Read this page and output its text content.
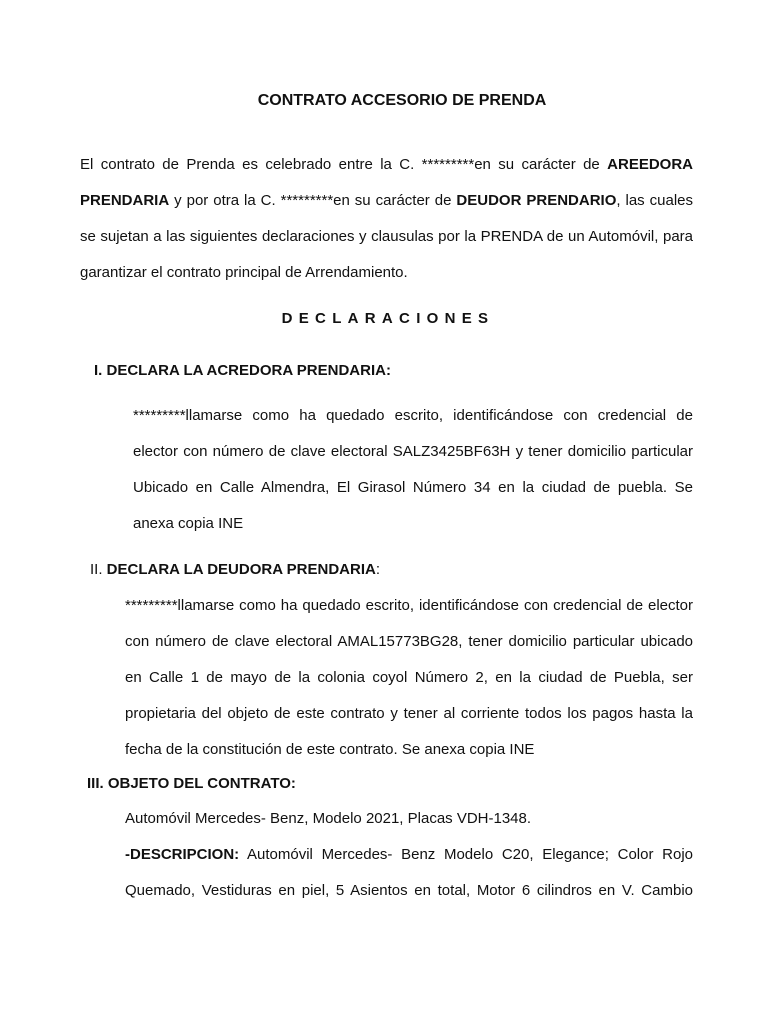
CONTRATO ACCESORIO DE PRENDA
El contrato de Prenda es celebrado entre la C. *********en su carácter de AREEDORA
PRENDARIA y por otra la C. *********en su carácter de DEUDOR PRENDARIO, las cuales
se sujetan a las siguientes declaraciones y clausulas por la PRENDA de un Automóvil, para
garantizar el contrato principal de Arrendamiento.
DECLARACIONES
I. DECLARA LA ACREDORA PRENDARIA:
*********llamarse como ha quedado escrito, identificándose con credencial de
elector con número de clave electoral SALZ3425BF63H y tener domicilio particular
Ubicado en Calle Almendra, El Girasol Número 34 en la ciudad de puebla. Se
anexa copia INE
II. DECLARA LA DEUDORA PRENDARIA:
*********llamarse como ha quedado escrito, identificándose con credencial de elector
con número de clave electoral AMAL15773BG28, tener domicilio particular ubicado
en Calle 1 de mayo de la colonia coyol Número 2, en la ciudad de Puebla, ser
propietaria del objeto de este contrato y tener al corriente todos los pagos hasta la
fecha de la constitución de este contrato. Se anexa copia INE
III. OBJETO DEL CONTRATO:
Automóvil Mercedes- Benz, Modelo 2021, Placas VDH-1348.
-DESCRIPCION: Automóvil Mercedes- Benz Modelo C20, Elegance; Color Rojo
Quemado, Vestiduras en piel, 5 Asientos en total, Motor 6 cilindros en V. Cambio
